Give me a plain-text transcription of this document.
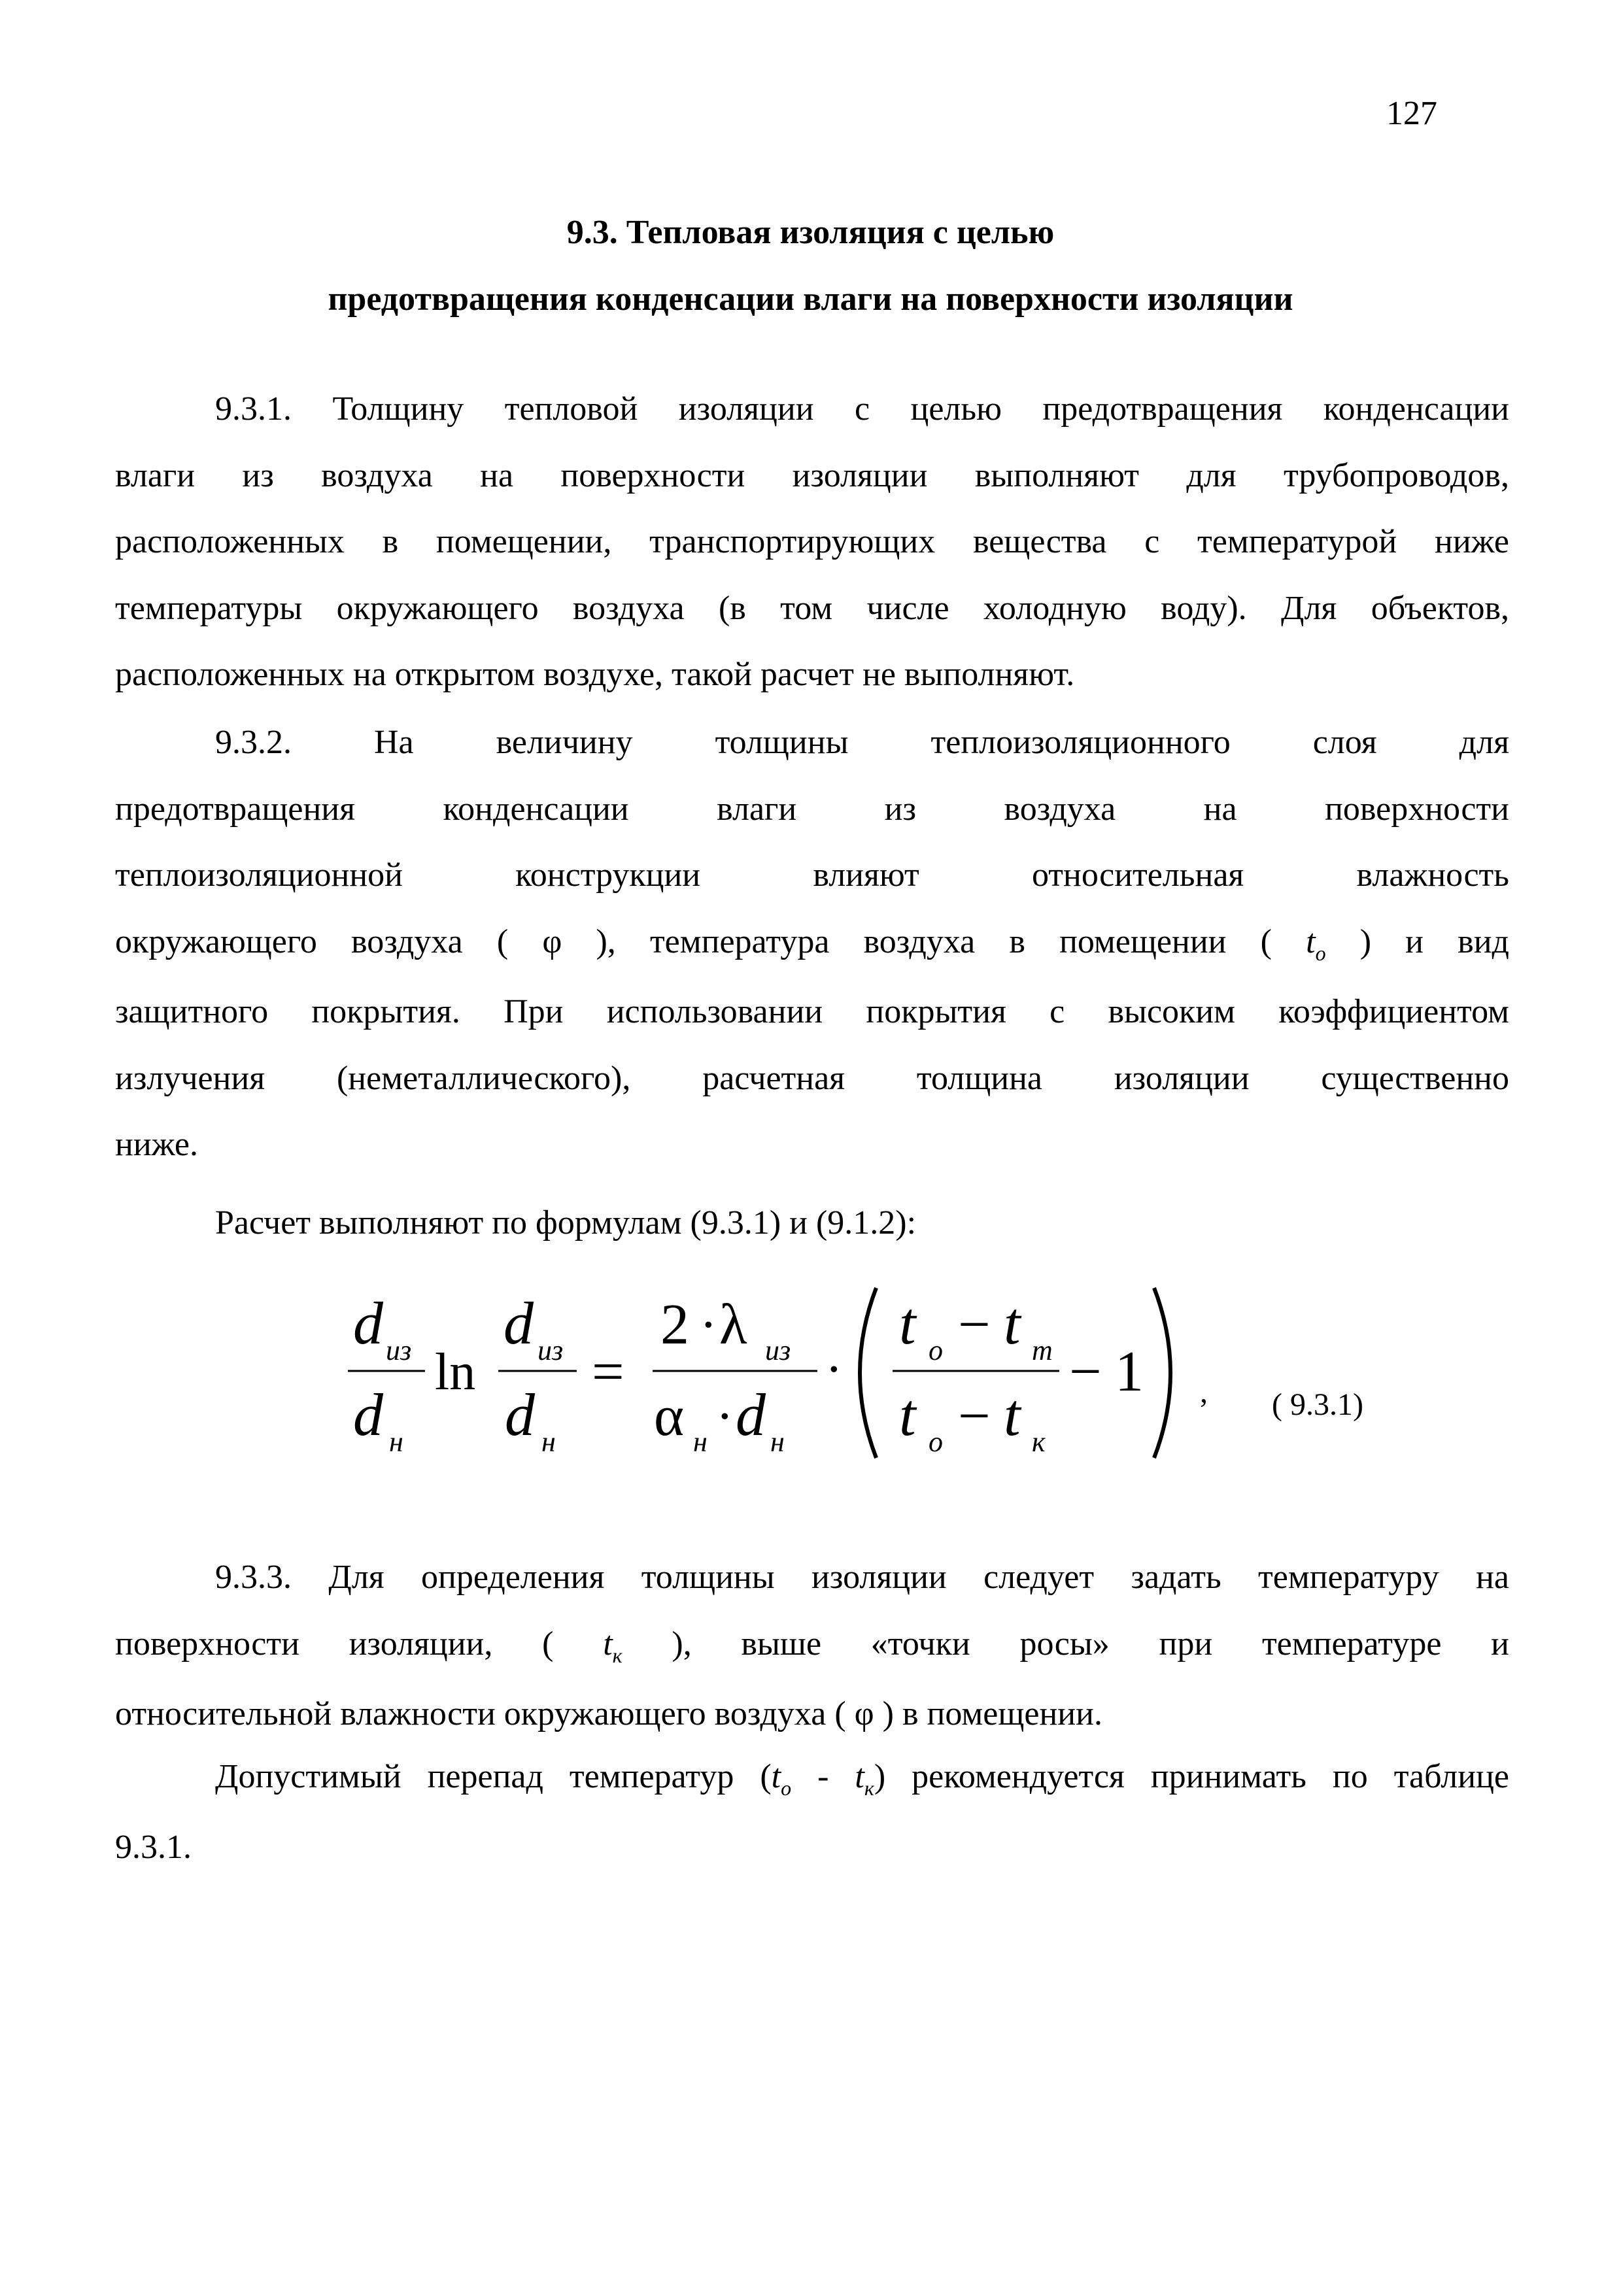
127
9.3. Тепловая изоляция с целью
предотвращения конденсации влаги на поверхности изоляции
9.3.1. Толщину тепловой изоляции с целью предотвращения конденсации
влаги из воздуха на поверхности изоляции выполняют для трубопроводов,
расположенных в помещении, транспортирующих вещества с температурой ниже
температуры окружающего воздуха (в том числе холодную воду). Для объектов,
расположенных на открытом воздухе, такой расчет не выполняют.
9.3.2. На величину толщины теплоизоляционного слоя для
предотвращения конденсации влаги из воздуха на поверхности
теплоизоляционной конструкции влияют относительная влажность
окружающего воздуха ( φ ), температура воздуха в помещении ( $t_o$ ) и вид
защитного покрытия. При использовании покрытия с высоким коэффициентом
излучения (неметаллического), расчетная толщина изоляции существенно
ниже.
Расчет выполняют по формулам (9.3.1) и (9.1.2):
d из
d н
ln
d из
d н
=
2 · λ из
α н · d н
·
t о − t т
t о − t к
− 1 , ( 9.3.1)
9.3.3. Для определения толщины изоляции следует задать температуру на
поверхности изоляции, ( $t_к$ ), выше «точки росы» при температуре и
относительной влажности окружающего воздуха ( φ ) в помещении.
Допустимый перепад температур $(t_o - t_к)$ рекомендуется принимать по таблице
9.3.1.
